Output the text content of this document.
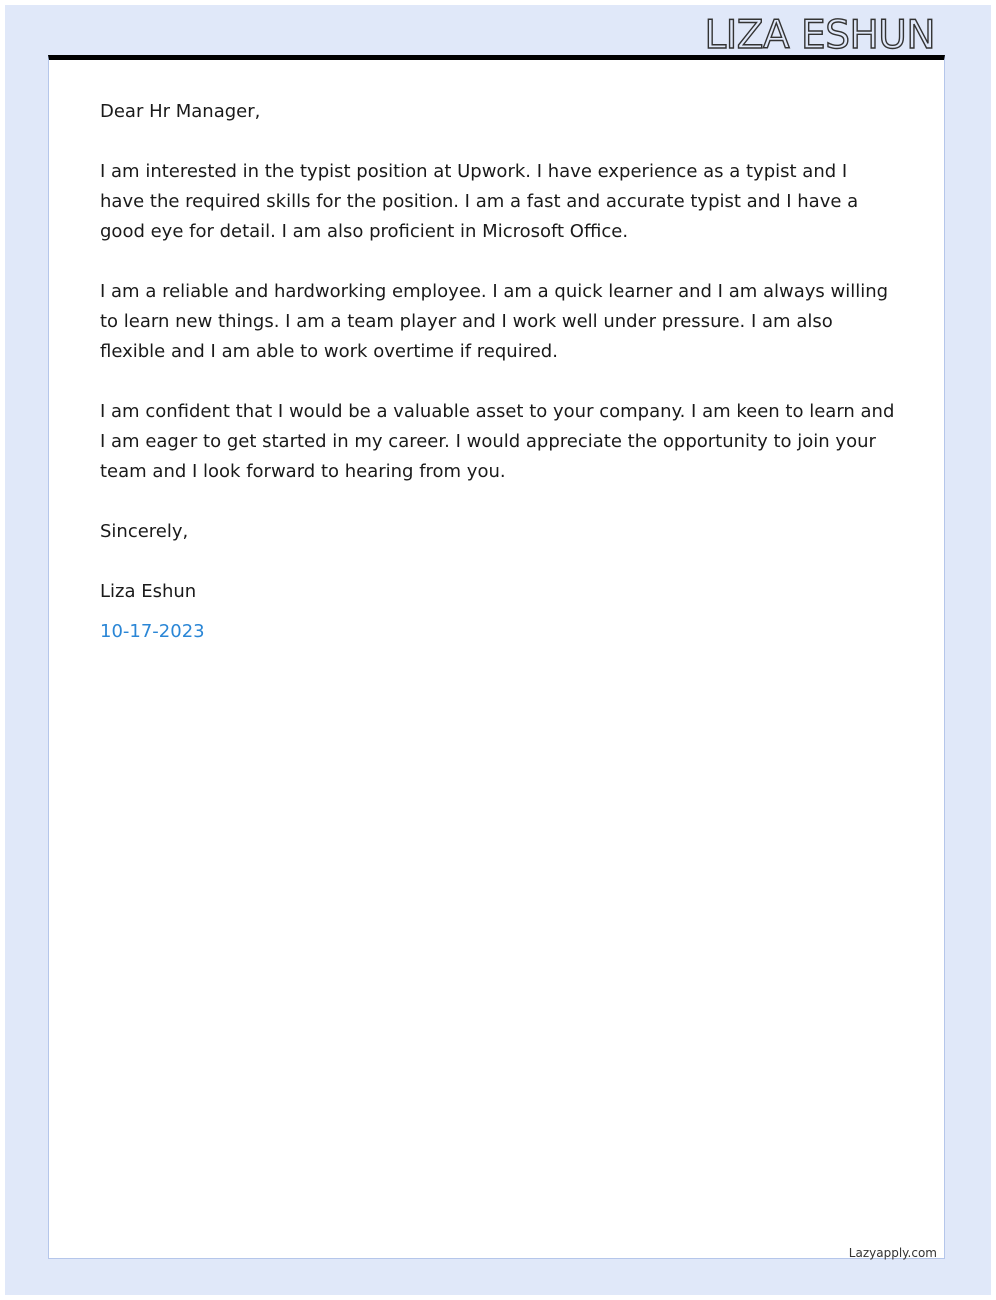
LIZA ESHUN

Dear Hr Manager,

I am interested in the typist position at Upwork. I have experience as a typist and I have the required skills for the position. I am a fast and accurate typist and I have a good eye for detail. I am also proficient in Microsoft Office.

I am a reliable and hardworking employee. I am a quick learner and I am always willing to learn new things. I am a team player and I work well under pressure. I am also flexible and I am able to work overtime if required.

I am confident that I would be a valuable asset to your company. I am keen to learn and I am eager to get started in my career. I would appreciate the opportunity to join your team and I look forward to hearing from you.

Sincerely,

Liza Eshun

10-17-2023

Lazyapply.com
